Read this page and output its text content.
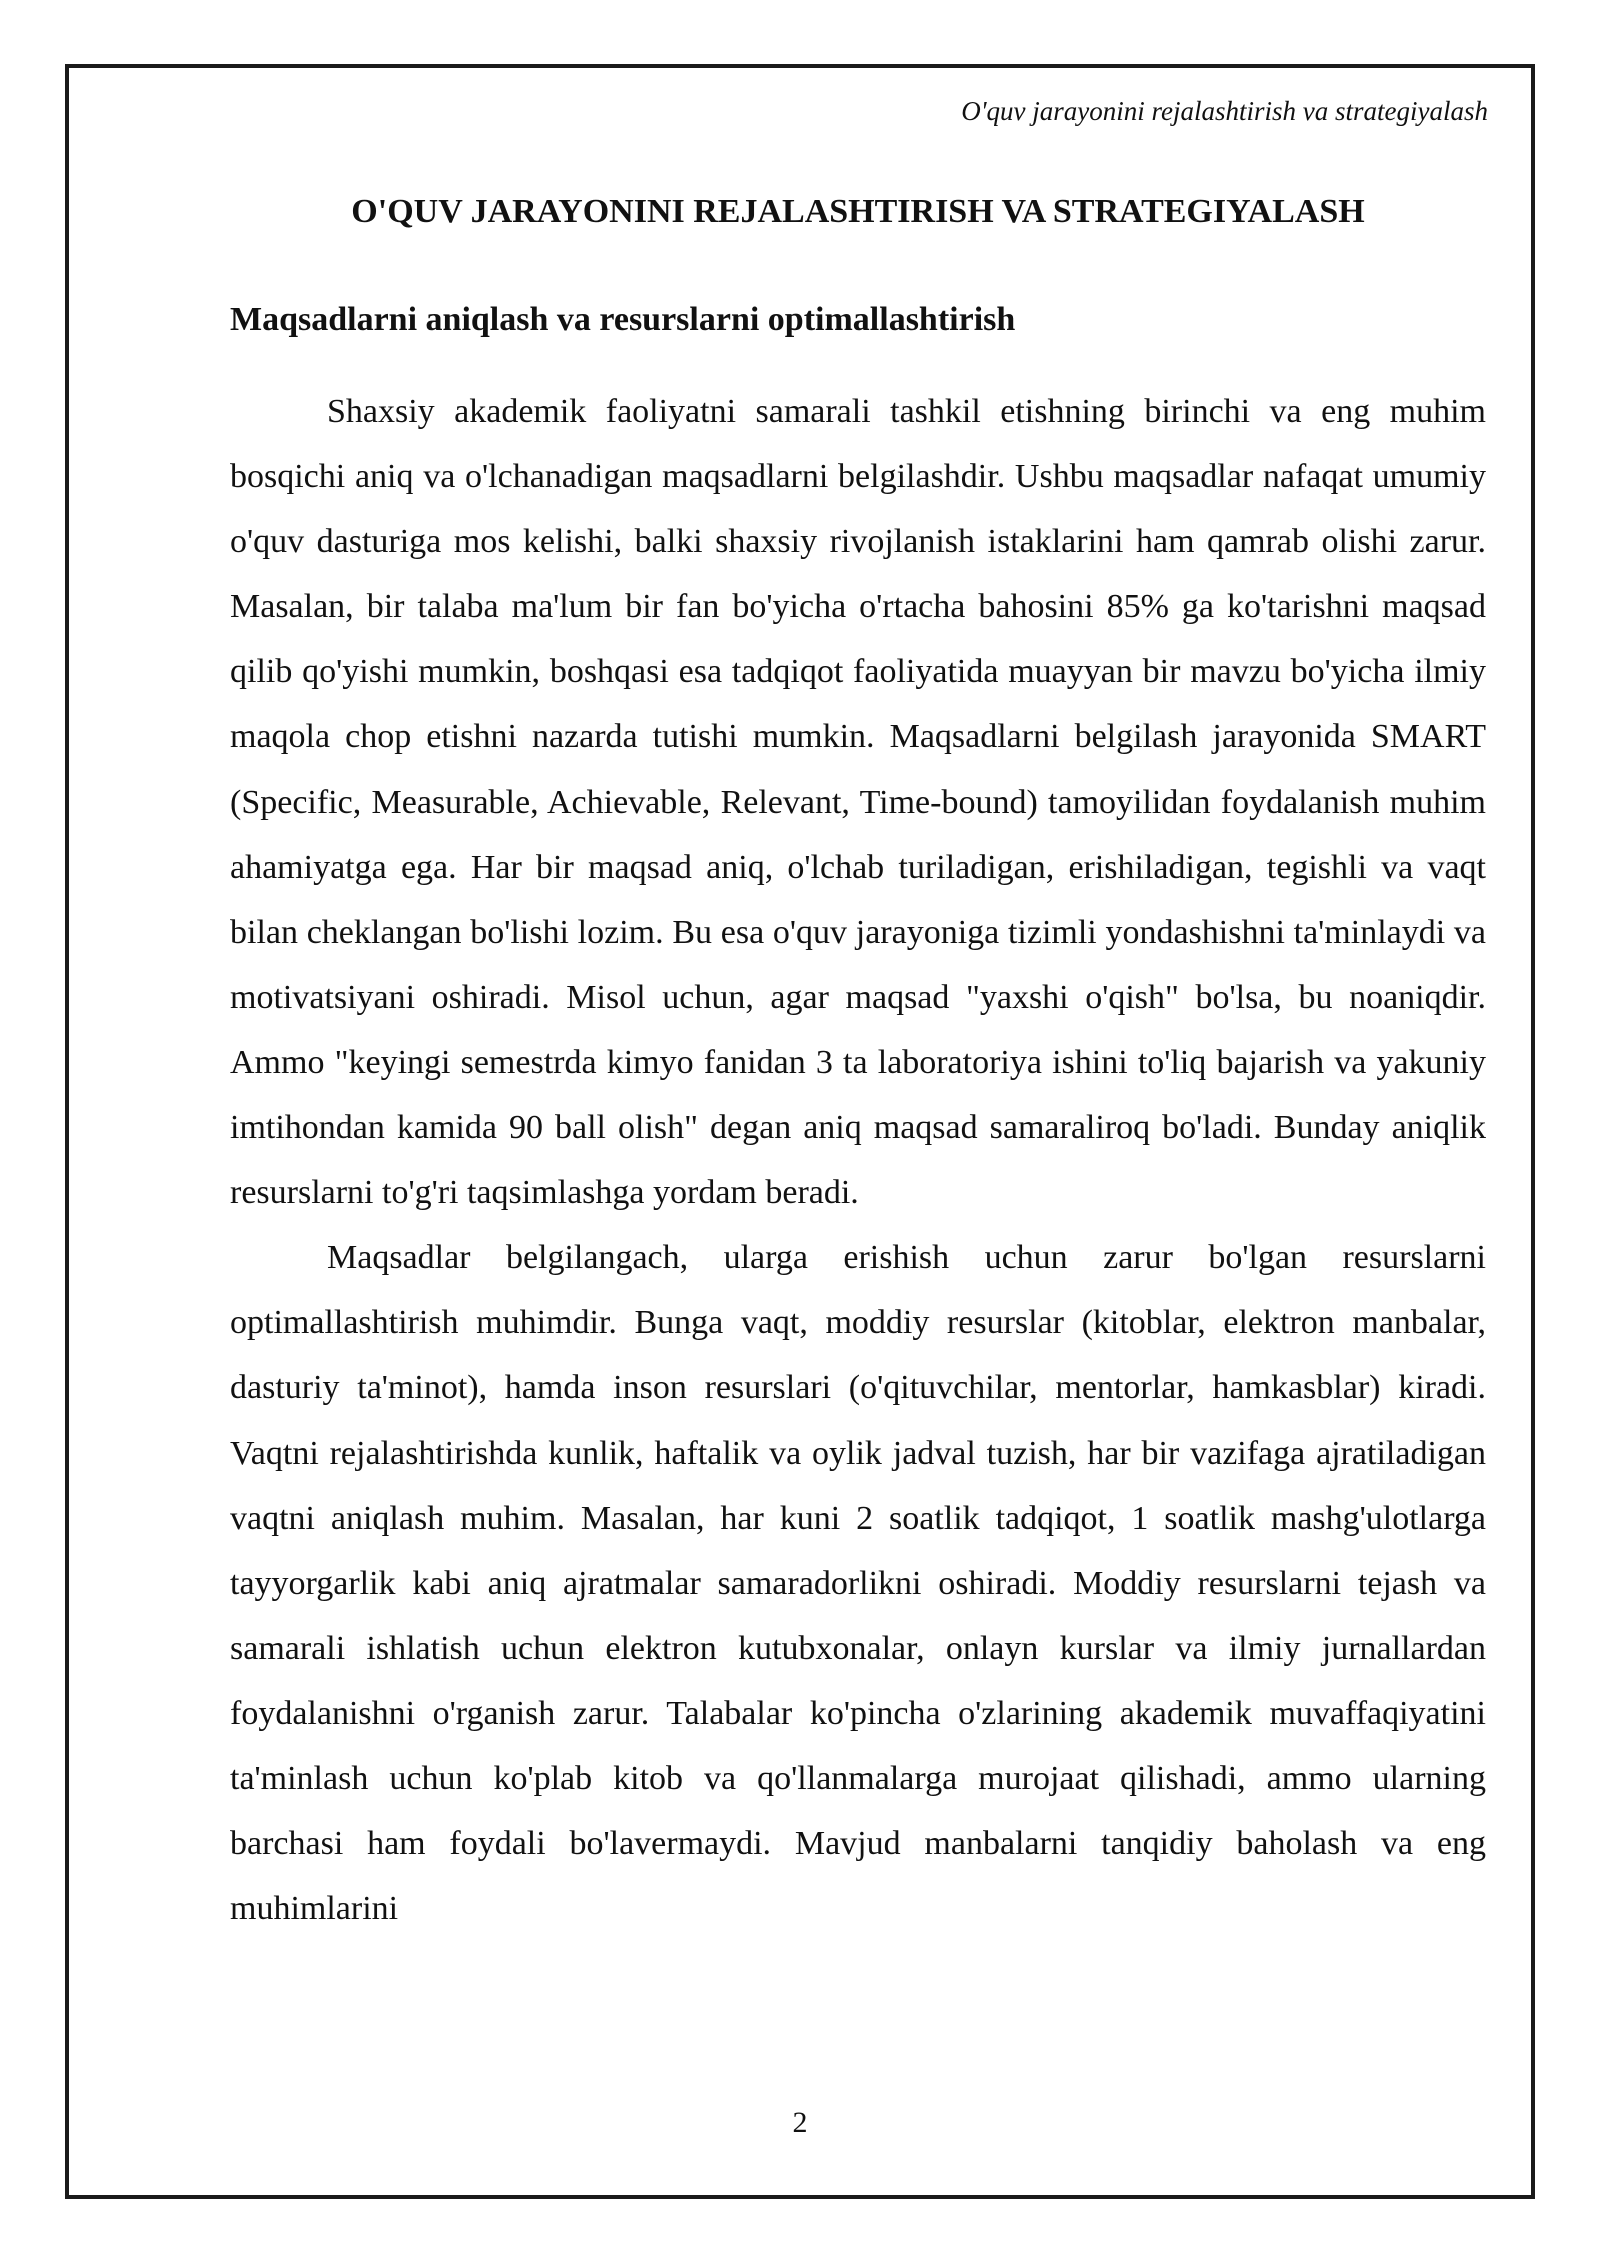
O'quv jarayonini rejalashtirish va strategiyalash
O'QUV JARAYONINI REJALASHTIRISH VA STRATEGIYALASH
Maqsadlarni aniqlash va resurslarni optimallashtirish

Shaxsiy akademik faoliyatni samarali tashkil etishning birinchi va eng muhim bosqichi aniq va o'lchanadigan maqsadlarni belgilashdir. Ushbu maqsadlar nafaqat umumiy o'quv dasturiga mos kelishi, balki shaxsiy rivojlanish istaklarini ham qamrab olishi zarur. Masalan, bir talaba ma'lum bir fan bo'yicha o'rtacha bahosini 85% ga ko'tarishni maqsad qilib qo'yishi mumkin, boshqasi esa tadqiqot faoliyatida muayyan bir mavzu bo'yicha ilmiy maqola chop etishni nazarda tutishi mumkin. Maqsadlarni belgilash jarayonida SMART (Specific, Measurable, Achievable, Relevant, Time-bound) tamoyilidan foydalanish muhim ahamiyatga ega. Har bir maqsad aniq, o'lchab turiladigan, erishiladigan, tegishli va vaqt bilan cheklangan bo'lishi lozim. Bu esa o'quv jarayoniga tizimli yondashishni ta'minlaydi va motivatsiyani oshiradi. Misol uchun, agar maqsad "yaxshi o'qish" bo'lsa, bu noaniqdir. Ammo "keyingi semestrda kimyo fanidan 3 ta laboratoriya ishini to'liq bajarish va yakuniy imtihondan kamida 90 ball olish" degan aniq maqsad samaraliroq bo'ladi. Bunday aniqlik resurslarni to'g'ri taqsimlashga yordam beradi.

Maqsadlar belgilangach, ularga erishish uchun zarur bo'lgan resurslarni optimallashtirish muhimdir. Bunga vaqt, moddiy resurslar (kitoblar, elektron manbalar, dasturiy ta'minot), hamda inson resurslari (o'qituvchilar, mentorlar, hamkasblar) kiradi. Vaqtni rejalashtirishda kunlik, haftalik va oylik jadval tuzish, har bir vazifaga ajratiladigan vaqtni aniqlash muhim. Masalan, har kuni 2 soatlik tadqiqot, 1 soatlik mashg'ulotlarga tayyorgarlik kabi aniq ajratmalar samaradorlikni oshiradi. Moddiy resurslarni tejash va samarali ishlatish uchun elektron kutubxonalar, onlayn kurslar va ilmiy jurnallardan foydalanishni o'rganish zarur. Talabalar ko'pincha o'zlarining akademik muvaffaqiyatini ta'minlash uchun ko'plab kitob va qo'llanmalarga murojaat qilishadi, ammo ularning barchasi ham foydali bo'lavermaydi. Mavjud manbalarni tanqidiy baholash va eng muhimlarini

2
